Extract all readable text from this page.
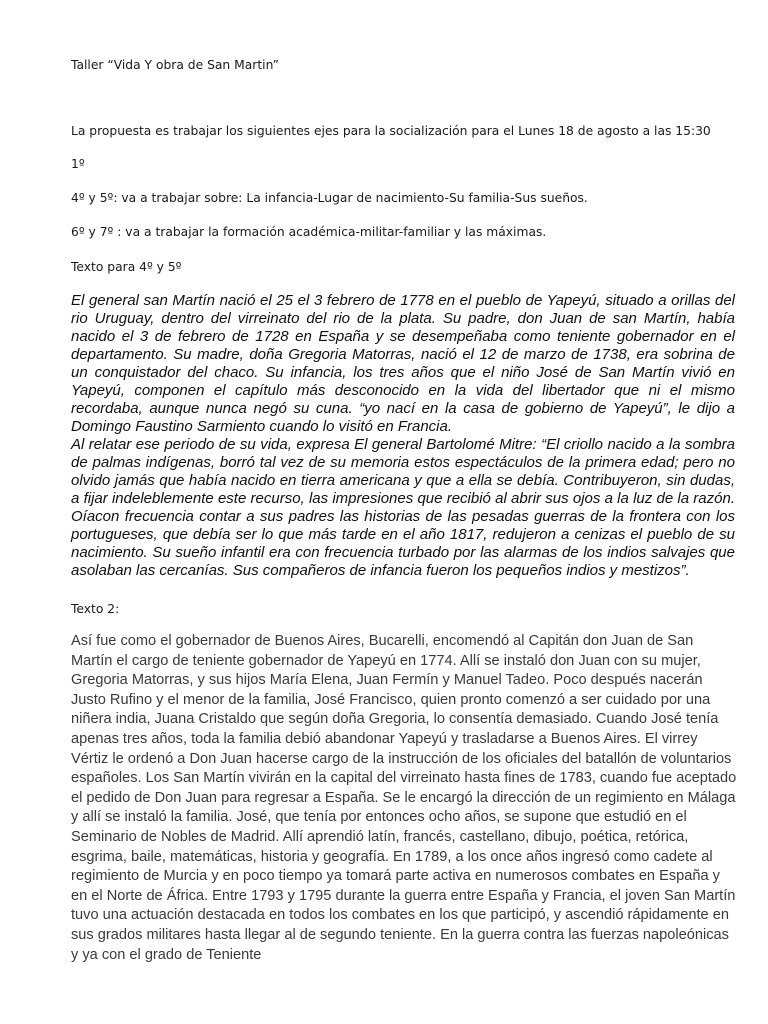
Taller “Vida Y obra de San Martin”
La propuesta es trabajar los siguientes ejes para la socialización para el Lunes 18 de agosto a las 15:30
1º
4º y 5º: va a trabajar sobre: La infancia-Lugar de nacimiento-Su familia-Sus sueños.
6º y 7º : va a trabajar la formación académica-militar-familiar y las máximas.
Texto para 4º y 5º

El general san Martín nació el 25 el 3 febrero de 1778 en el pueblo de Yapeyú, situado a orillas del rio Uruguay, dentro del virreinato del rio de la plata. Su padre, don Juan de san Martín, había nacido el 3 de febrero de 1728 en España y se desempeñaba como teniente gobernador en el departamento. Su madre, doña Gregoria Matorras, nació el 12 de marzo de 1738, era sobrina de un conquistador del chaco. Su infancia, los tres años que el niño José de San Martín vivió en Yapeyú, componen el capítulo más desconocido en la vida del libertador que ni el mismo recordaba, aunque nunca negó su cuna. “yo nací en la casa de gobierno de Yapeyú”, le dijo a Domingo Faustino Sarmiento cuando lo visitó en Francia.

Al relatar ese periodo de su vida, expresa El general Bartolomé Mitre: “El criollo nacido a la sombra de palmas indígenas, borró tal vez de su memoria estos espectáculos de la primera edad; pero no olvido jamás que había nacido en tierra americana y que a ella se debía. Contribuyeron, sin dudas, a fijar indeleblemente este recurso, las impresiones que recibió al abrir sus ojos a la luz de la razón. Oíacon frecuencia contar a sus padres las historias de las pesadas guerras de la frontera con los portugueses, que debía ser lo que más tarde en el año 1817, redujeron a cenizas el pueblo de su nacimiento. Su sueño infantil era con frecuencia turbado por las alarmas de los indios salvajes que asolaban las cercanías. Sus compañeros de infancia fueron los pequeños indios y mestizos”.

Texto 2:

Así fue como el gobernador de Buenos Aires, Bucarelli, encomendó al Capitán don Juan de San Martín el cargo de teniente gobernador de Yapeyú en 1774. Allí se instaló don Juan con su mujer, Gregoria Matorras, y sus hijos María Elena, Juan Fermín y Manuel Tadeo. Poco después nacerán Justo Rufino y el menor de la familia, José Francisco, quien pronto comenzó a ser cuidado por una niñera india, Juana Cristaldo que según doña Gregoria, lo consentía demasiado. Cuando José tenía apenas tres años, toda la familia debió abandonar Yapeyú y trasladarse a Buenos Aires. El virrey Vértiz le ordenó a Don Juan hacerse cargo de la instrucción de los oficiales del batallón de voluntarios españoles. Los San Martín vivirán en la capital del virreinato hasta fines de 1783, cuando fue aceptado el pedido de Don Juan para regresar a España. Se le encargó la dirección de un regimiento en Málaga y allí se instaló la familia. José, que tenía por entonces ocho años, se supone que estudió en el Seminario de Nobles de Madrid. Allí aprendió latín, francés, castellano, dibujo, poética, retórica, esgrima, baile, matemáticas, historia y geografía. En 1789, a los once años ingresó como cadete al regimiento de Murcia y en poco tiempo ya tomará parte activa en numerosos combates en España y en el Norte de África. Entre 1793 y 1795 durante la guerra entre España y Francia, el joven San Martín tuvo una actuación destacada en todos los combates en los que participó, y ascendió rápidamente en sus grados militares hasta llegar al de segundo teniente. En la guerra contra las fuerzas napoleónicas y ya con el grado de Teniente
